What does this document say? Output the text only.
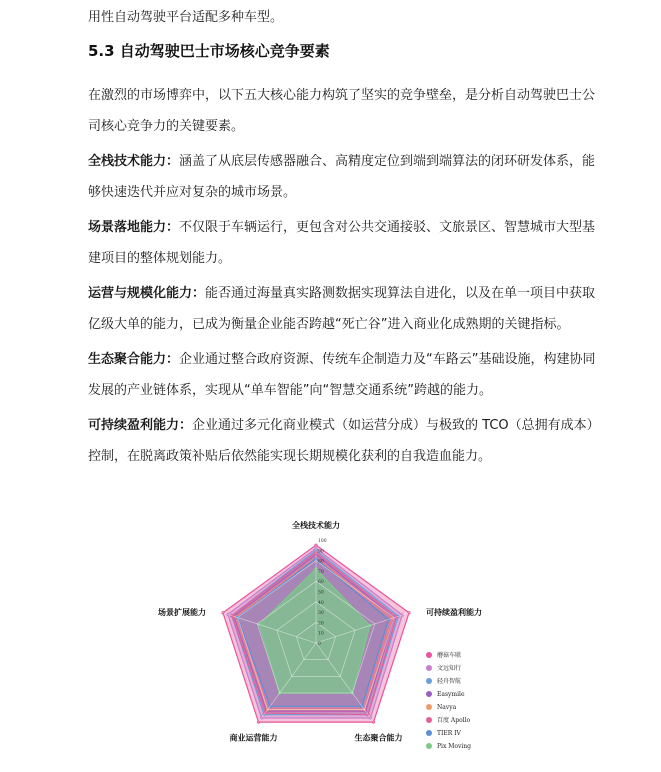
用性自动驾驶平台适配多种车型。
5.3 自动驾驶巴士市场核心竞争要素
在激烈的市场博弈中，以下五大核心能力构筑了坚实的竞争壁垒，是分析自动驾驶巴士公
司核心竞争力的关键要素。
全栈技术能力：涵盖了从底层传感器融合、高精度定位到端到端算法的闭环研发体系，能
够快速迭代并应对复杂的城市场景。
场景落地能力：不仅限于车辆运行，更包含对公共交通接驳、文旅景区、智慧城市大型基
建项目的整体规划能力。
运营与规模化能力：能否通过海量真实路测数据实现算法自进化，以及在单一项目中获取
亿级大单的能力，已成为衡量企业能否跨越“死亡谷”进入商业化成熟期的关键指标。
生态聚合能力：企业通过整合政府资源、传统车企制造力及“车路云”基础设施，构建协同
发展的产业链体系，实现从“单车智能”向“智慧交通系统”跨越的能力。
可持续盈利能力：企业通过多元化商业模式（如运营分成）与极致的 TCO（总拥有成本）
控制，在脱离政策补贴后依然能实现长期规模化获利的自我造血能力。
0
10
20
30
40
50
60
70
80
90
100
全栈技术能力
可持续盈利能力
生态聚合能力
商业运营能力
场景扩展能力
蘑菇车联
文远知行
轻舟智航
Easymile
Navya
百度 Apollo
TIER IV
Pix Moving
